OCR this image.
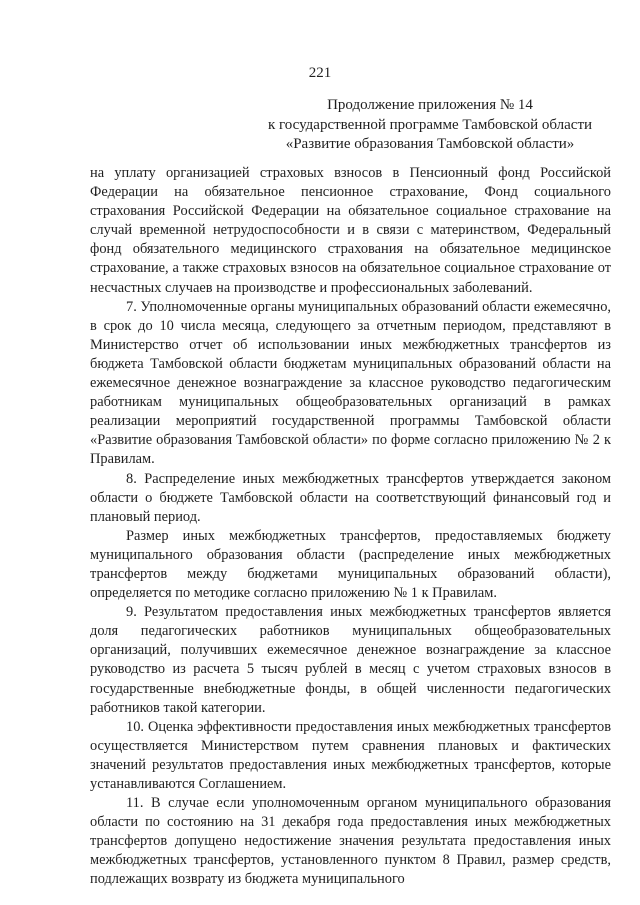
221
Продолжение приложения № 14
к государственной программе Тамбовской области
«Развитие образования Тамбовской области»

на уплату организацией страховых взносов в Пенсионный фонд Российской Федерации на обязательное пенсионное страхование, Фонд социального страхования Российской Федерации на обязательное социальное страхование на случай временной нетрудоспособности и в связи с материнством, Федеральный фонд обязательного медицинского страхования на обязательное медицинское страхование, а также страховых взносов на обязательное социальное страхование от несчастных случаев на производстве и профессиональных заболеваний.

7. Уполномоченные органы муниципальных образований области ежемесячно, в срок до 10 числа месяца, следующего за отчетным периодом, представляют в Министерство отчет об использовании иных межбюджетных трансфертов из бюджета Тамбовской области бюджетам муниципальных образований области на ежемесячное денежное вознаграждение за классное руководство педагогическим работникам муниципальных общеобразовательных организаций в рамках реализации мероприятий государственной программы Тамбовской области «Развитие образования Тамбовской области» по форме согласно приложению № 2 к Правилам.

8. Распределение иных межбюджетных трансфертов утверждается законом области о бюджете Тамбовской области на соответствующий финансовый год и плановый период.

Размер иных межбюджетных трансфертов, предоставляемых бюджету муниципального образования области (распределение иных межбюджетных трансфертов между бюджетами муниципальных образований области), определяется по методике согласно приложению № 1 к Правилам.

9. Результатом предоставления иных межбюджетных трансфертов является доля педагогических работников муниципальных общеобразовательных организаций, получивших ежемесячное денежное вознаграждение за классное руководство из расчета 5 тысяч рублей в месяц с учетом страховых взносов в государственные внебюджетные фонды, в общей численности педагогических работников такой категории.

10. Оценка эффективности предоставления иных межбюджетных трансфертов осуществляется Министерством путем сравнения плановых и фактических значений результатов предоставления иных межбюджетных трансфертов, которые устанавливаются Соглашением.

11. В случае если уполномоченным органом муниципального образования области по состоянию на 31 декабря года предоставления иных межбюджетных трансфертов допущено недостижение значения результата предоставления иных межбюджетных трансфертов, установленного пунктом 8 Правил, размер средств, подлежащих возврату из бюджета муниципального
